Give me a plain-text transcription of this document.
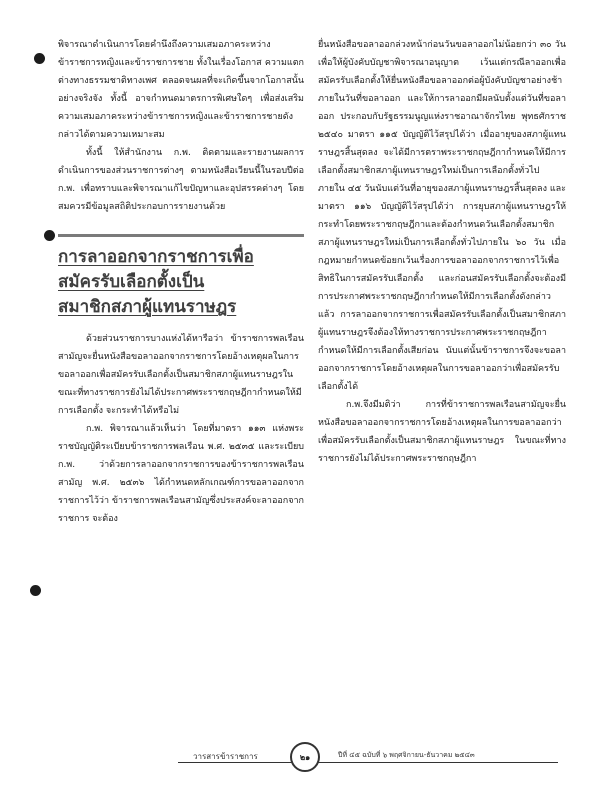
พิจารณาดำเนินการโดยคำนึงถึงความเสมอภาคระหว่างข้าราชการหญิงและข้าราชการชาย ทั้งในเรื่องโอกาส ความแตกต่างทางธรรมชาติทางเพศ ตลอดจนผลที่จะเกิดขึ้นจากโอกาสนั้นอย่างจริงจัง ทั้งนี้ อาจกำหนดมาตรการพิเศษใดๆ เพื่อส่งเสริมความเสมอภาคระหว่างข้าราชการหญิงและข้าราชการชายดังกล่าวได้ตามความเหมาะสม

ทั้งนี้ ให้สำนักงาน ก.พ. ติดตามและรายงานผลการดำเนินการของส่วนราชการต่างๆ ตามหนังสือเวียนนี้ในรอบปีต่อ ก.พ. เพื่อทราบและพิจารณาแก้ไขปัญหาและอุปสรรคต่างๆ โดยสมควรมีข้อมูลสถิติประกอบการรายงานด้วย

การลาออกจากราชการเพื่อ
สมัครรับเลือกตั้งเป็น
สมาชิกสภาผู้แทนราษฎร

ด้วยส่วนราชการบางแห่งได้หารือว่า ข้าราชการพลเรือนสามัญจะยื่นหนังสือขอลาออกจากราชการโดยอ้างเหตุผลในการขอลาออกเพื่อสมัครรับเลือกตั้งเป็นสมาชิกสภาผู้แทนราษฎรในขณะที่ทางราชการยังไม่ได้ประกาศพระราชกฤษฎีกากำหนดให้มีการเลือกตั้ง จะกระทำได้หรือไม่

ก.พ. พิจารณาแล้วเห็นว่า โดยที่มาตรา ๑๑๓ แห่งพระราชบัญญัติระเบียบข้าราชการพลเรือน พ.ศ. ๒๕๓๕ และระเบียบ ก.พ. ว่าด้วยการลาออกจากราชการของข้าราชการพลเรือนสามัญ พ.ศ. ๒๕๓๖ ได้กำหนดหลักเกณฑ์การขอลาออกจากราชการไว้ว่า ข้าราชการพลเรือนสามัญซึ่งประสงค์จะลาออกจากราชการ จะต้อง

ยื่นหนังสือขอลาออกล่วงหน้าก่อนวันขอลาออกไม่น้อยกว่า ๓๐ วัน เพื่อให้ผู้บังคับบัญชาพิจารณาอนุญาต เว้นแต่กรณีลาออกเพื่อสมัครรับเลือกตั้งให้ยื่นหนังสือขอลาออกต่อผู้บังคับบัญชาอย่างช้าภายในวันที่ขอลาออก และให้การลาออกมีผลนับตั้งแต่วันที่ขอลาออก ประกอบกับรัฐธรรมนูญแห่งราชอาณาจักรไทย พุทธศักราช ๒๕๔๐ มาตรา ๑๑๕ บัญญัติไว้สรุปได้ว่า เมื่ออายุของสภาผู้แทนราษฎรสิ้นสุดลง จะได้มีการตราพระราชกฤษฎีกากำหนดให้มีการเลือกตั้งสมาชิกสภาผู้แทนราษฎรใหม่เป็นการเลือกตั้งทั่วไปภายใน ๔๕ วันนับแต่วันที่อายุของสภาผู้แทนราษฎรสิ้นสุดลง และมาตรา ๑๑๖ บัญญัติไว้สรุปได้ว่า การยุบสภาผู้แทนราษฎรให้กระทำโดยพระราชกฤษฎีกาและต้องกำหนดวันเลือกตั้งสมาชิกสภาผู้แทนราษฎรใหม่เป็นการเลือกตั้งทั่วไปภายใน ๖๐ วัน เมื่อกฎหมายกำหนดข้อยกเว้นเรื่องการขอลาออกจากราชการไว้เพื่อสิทธิในการสมัครรับเลือกตั้ง และก่อนสมัครรับเลือกตั้งจะต้องมีการประกาศพระราชกฤษฎีกากำหนดให้มีการเลือกตั้งดังกล่าวแล้ว การลาออกจากราชการเพื่อสมัครรับเลือกตั้งเป็นสมาชิกสภาผู้แทนราษฎรจึงต้องให้ทางราชการประกาศพระราชกฤษฎีกากำหนดให้มีการเลือกตั้งเสียก่อน นับแต่นั้นข้าราชการจึงจะขอลาออกจากราชการโดยอ้างเหตุผลในการขอลาออกว่าเพื่อสมัครรับเลือกตั้งได้

ก.พ.จึงมีมติว่า การที่ข้าราชการพลเรือนสามัญจะยื่นหนังสือขอลาออกจากราชการโดยอ้างเหตุผลในการขอลาออกว่าเพื่อสมัครรับเลือกตั้งเป็นสมาชิกสภาผู้แทนราษฎร ในขณะที่ทางราชการยังไม่ได้ประกาศพระราชกฤษฎีกา

วารสารข้าราชการ	๒๑	ปีที่ ๔๕ ฉบับที่ ๖ พฤศจิกายน-ธันวาคม ๒๕๔๓
